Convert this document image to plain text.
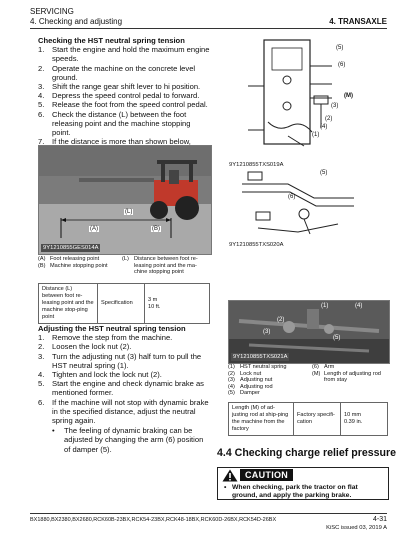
SERVICING
4. Checking and adjusting	4. TRANSAXLE
Checking the HST neutral spring tension
1.	Start the engine and hold the maximum engine speeds.
2.	Operate the machine on the concrete level ground.
3.	Shift the range gear shift lever to hi position.
4.	Depress the speed control pedal to forward.
5.	Release the foot from the speed control pedal.
6.	Check the distance (L) between the foot releasing point and the machine stopping point.
7.	If the distance is more than shown below,
(L)
(A)	(B)
9Y1210855GES014A
(A) Foot releasing point
(B) Machine stopping point
(L) Distance between foot re-leasing point and the ma-chine stopping point
Distance (L) between foot re-leasing point and the machine stop-ping point	Specification	3 m
10 ft.
Adjusting the HST neutral spring tension
1.	Remove the step from the machine.
2.	Loosen the lock nut (2).
3.	Turn the adjusting nut (3) half turn to pull the HST neutral spring (1).
4.	Tighten and lock the lock nut (2).
5.	Start the engine and check dynamic brake as mentioned former.
6.	If the machine will not stop with dynamic brake in the specified distance, adjust the neutral spring again.
•	The feeling of dynamic braking can be adjusted by changing the arm (6) position of damper (5).
(5)
(6)
(M)
(3)
(2)
(4)
(1)
9Y1210855TXS019A
(5)
(6)
9Y1210855TXS020A
(1)	(4)
(2)
(3)
(5)
9Y1210855TXS021A
(1) HST neutral spring
(2) Lock nut
(3) Adjusting nut
(4) Adjusting rod
(5) Damper
(6) Arm
(M) Length of adjusting rod from stay
Length (M) of ad-justing rod at ship-ping the machine from the factory	Factory specifi-cation	10 mm
0.39 in.
4.4 Checking charge relief pressure
CAUTION
• When checking, park the tractor on flat ground, and apply the parking brake.
BX1880,BX2380,BX2680,RCK60B-23BX,RCK54-23BX,RCK48-18BX,RCK60D-26BX,RCK54D-26BX	4-31
KiSC issued 03, 2019 A
